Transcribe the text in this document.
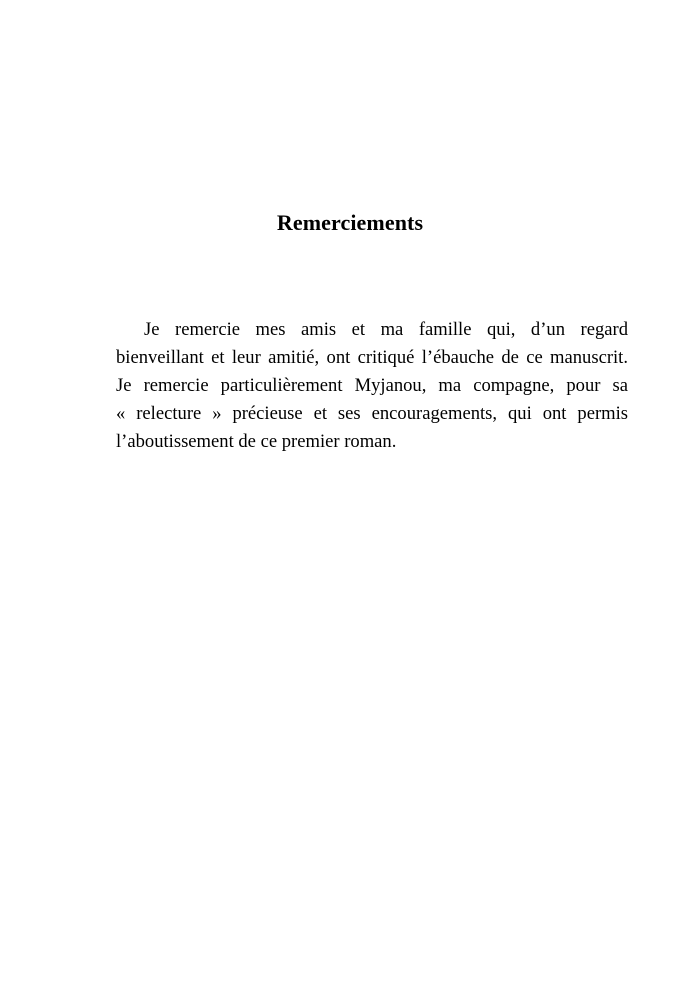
Remerciements
Je remercie mes amis et ma famille qui, d’un regard
bienveillant et leur amitié, ont critiqué l’ébauche de ce manuscrit.
Je remercie particulièrement Myjanou, ma compagne, pour sa
« relecture » précieuse et ses encouragements, qui ont permis
l’aboutissement de ce premier roman.
